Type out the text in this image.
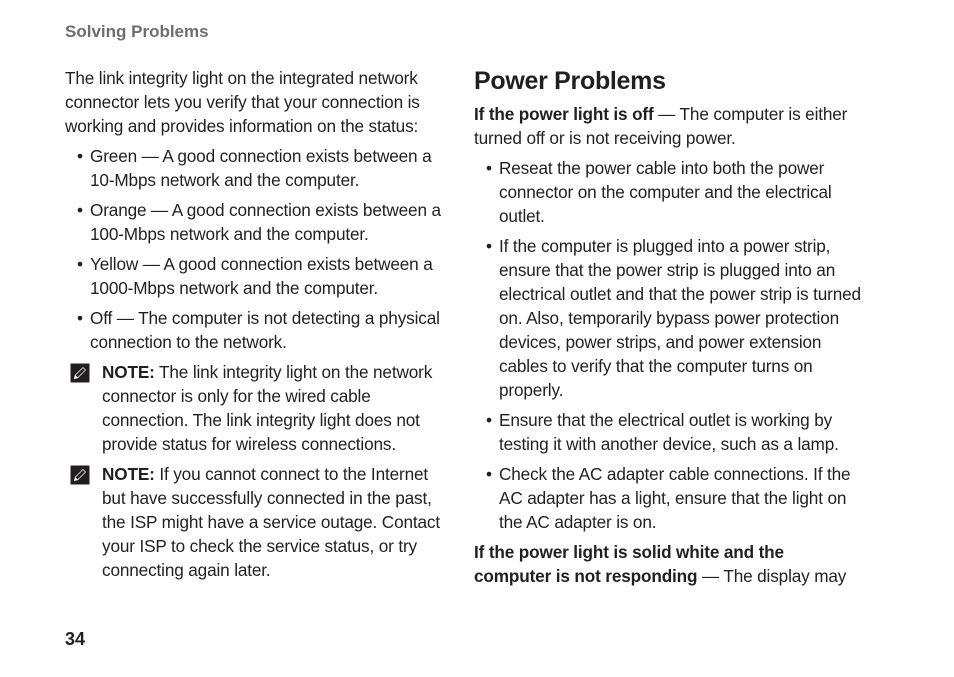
Solving Problems

The link integrity light on the integrated network connector lets you verify that your connection is working and provides information on the status:

• Green — A good connection exists between a 10-Mbps network and the computer.
• Orange — A good connection exists between a 100-Mbps network and the computer.
• Yellow — A good connection exists between a 1000-Mbps network and the computer.
• Off — The computer is not detecting a physical connection to the network.
NOTE: The link integrity light on the network connector is only for the wired cable connection. The link integrity light does not provide status for wireless connections.
NOTE: If you cannot connect to the Internet but have successfully connected in the past, the ISP might have a service outage. Contact your ISP to check the service status, or try connecting again later.
Power Problems

If the power light is off — The computer is either turned off or is not receiving power.

• Reseat the power cable into both the power connector on the computer and the electrical outlet.
• If the computer is plugged into a power strip, ensure that the power strip is plugged into an electrical outlet and that the power strip is turned on. Also, temporarily bypass power protection devices, power strips, and power extension cables to verify that the computer turns on properly.
• Ensure that the electrical outlet is working by testing it with another device, such as a lamp.
• Check the AC adapter cable connections. If the AC adapter has a light, ensure that the light on the AC adapter is on.

If the power light is solid white and the computer is not responding — The display may

34
